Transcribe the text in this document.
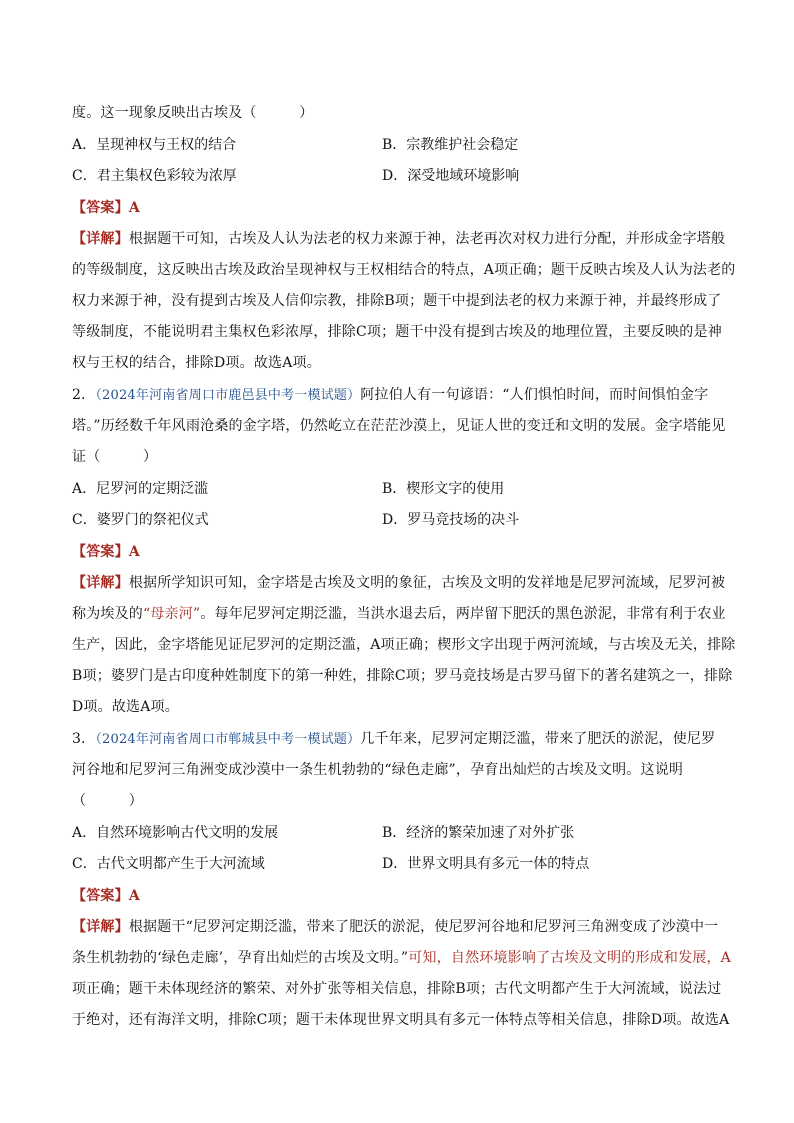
度。这一现象反映出古埃及（　　　）
A．呈现神权与王权的结合	B．宗教维护社会稳定
C．君主集权色彩较为浓厚	D．深受地域环境影响
【答案】A
【详解】根据题干可知，古埃及人认为法老的权力来源于神，法老再次对权力进行分配，并形成金字塔般
的等级制度，这反映出古埃及政治呈现神权与王权相结合的特点，A项正确；题干反映古埃及人认为法老的
权力来源于神，没有提到古埃及人信仰宗教，排除B项；题干中提到法老的权力来源于神，并最终形成了
等级制度，不能说明君主集权色彩浓厚，排除C项；题干中没有提到古埃及的地理位置，主要反映的是神
权与王权的结合，排除D项。故选A项。
2．（2024年河南省周口市鹿邑县中考一模试题）阿拉伯人有一句谚语：“人们惧怕时间，而时间惧怕金字
塔。”历经数千年风雨沧桑的金字塔，仍然屹立在茫茫沙漠上，见证人世的变迁和文明的发展。金字塔能见
证（　　　）
A．尼罗河的定期泛滥	B．楔形文字的使用
C．婆罗门的祭祀仪式	D．罗马竞技场的决斗
【答案】A
【详解】根据所学知识可知，金字塔是古埃及文明的象征，古埃及文明的发祥地是尼罗河流域，尼罗河被
称为埃及的“母亲河”。每年尼罗河定期泛滥，当洪水退去后，两岸留下肥沃的黑色淤泥，非常有利于农业
生产，因此，金字塔能见证尼罗河的定期泛滥，A项正确；楔形文字出现于两河流域，与古埃及无关，排除
B项；婆罗门是古印度种姓制度下的第一种姓，排除C项；罗马竞技场是古罗马留下的著名建筑之一，排除
D项。故选A项。
3．（2024年河南省周口市郸城县中考一模试题）几千年来，尼罗河定期泛滥，带来了肥沃的淤泥，使尼罗
河谷地和尼罗河三角洲变成沙漠中一条生机勃勃的“绿色走廊”，孕育出灿烂的古埃及文明。这说明
（　　　）
A．自然环境影响古代文明的发展	B．经济的繁荣加速了对外扩张
C．古代文明都产生于大河流域	D．世界文明具有多元一体的特点
【答案】A
【详解】根据题干“尼罗河定期泛滥，带来了肥沃的淤泥，使尼罗河谷地和尼罗河三角洲变成了沙漠中一
条生机勃勃的‘绿色走廊’，孕育出灿烂的古埃及文明。”可知，自然环境影响了古埃及文明的形成和发展，A
项正确；题干未体现经济的繁荣、对外扩张等相关信息，排除B项；古代文明都产生于大河流域，说法过
于绝对，还有海洋文明，排除C项；题干未体现世界文明具有多元一体特点等相关信息，排除D项。故选A
